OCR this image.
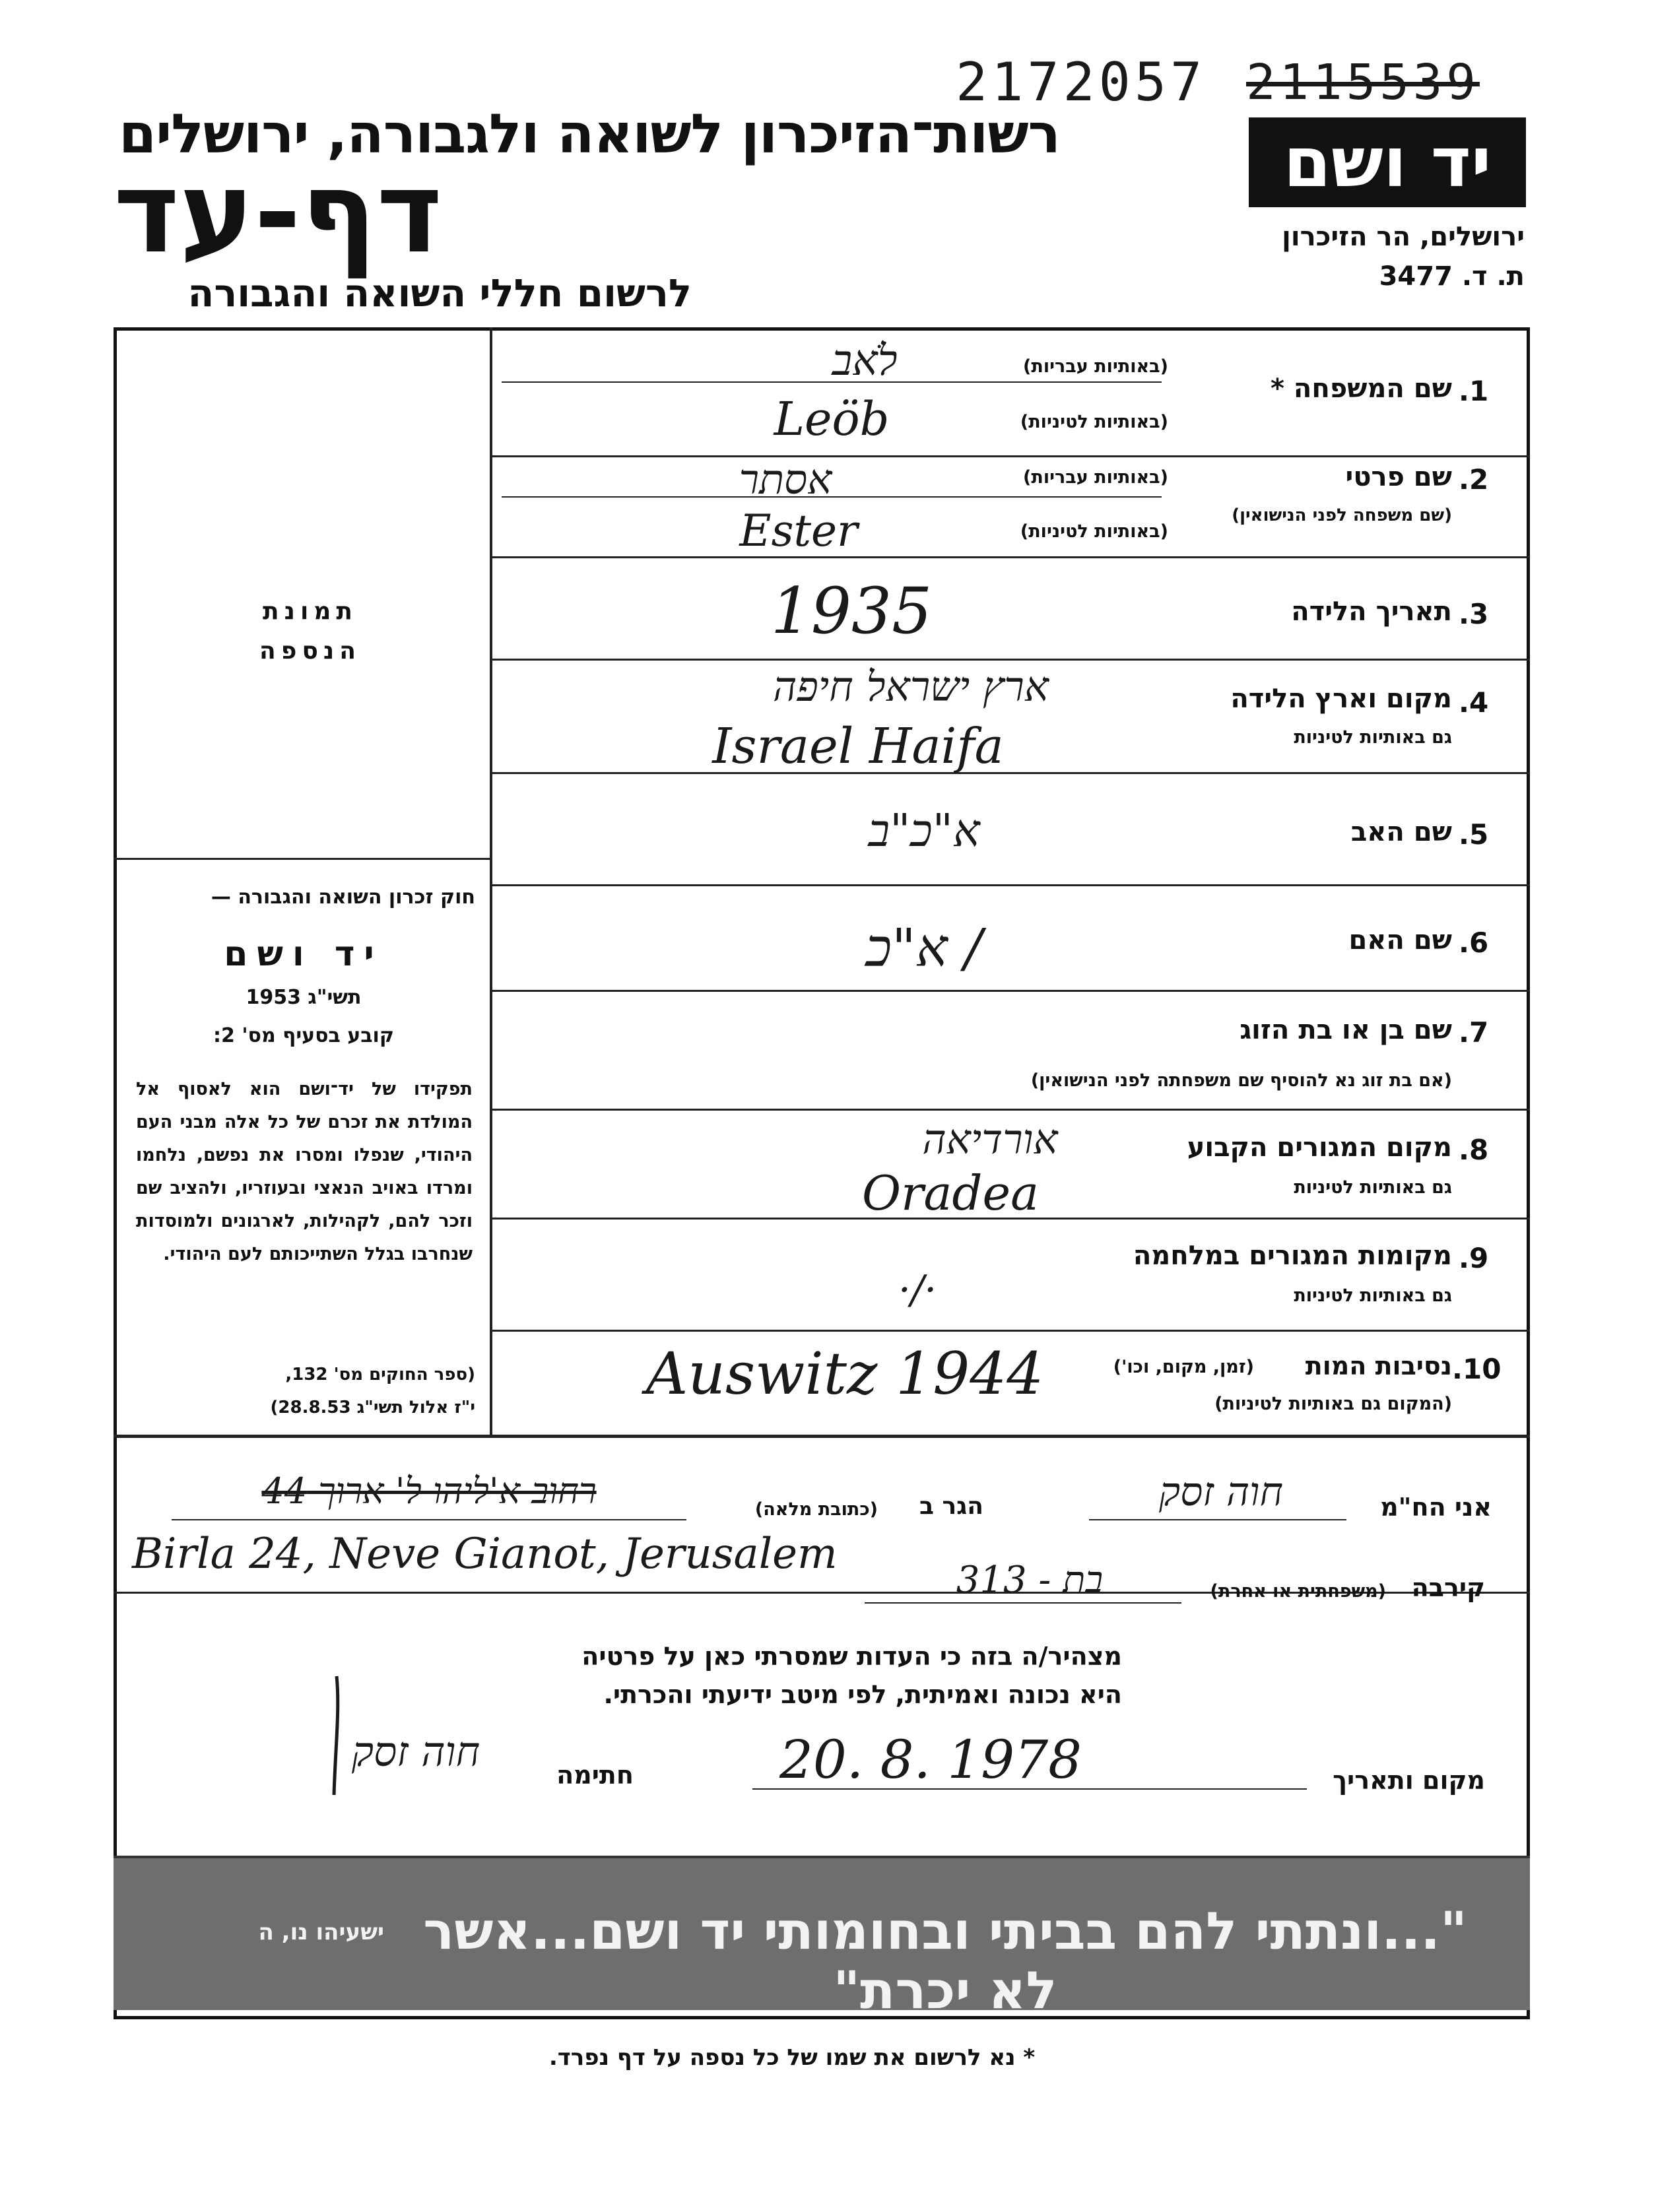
2172057 2115539
רשות־הזיכרון לשואה ולגבורה, ירושלים
דף-עד
לרשום חללי השואה והגבורה
יד ושם
ירושלים, הר הזיכרון
ת. ד. 3477
תמונת
הנספה
חוק זכרון השואה והגבורה —
יד ושם
תשי"ג 1953
קובע בסעיף מס' 2:
תפקידו של יד־ושם הוא לאסוף אל המולדת את זכרם של כל אלה מבני העם היהודי, שנפלו ומסרו את נפשם, נלחמו ומרדו באויב הנאצי ובעוזריו, ולהציב שם וזכר להם, לקהילות, לארגונים ולמוסדות שנחרבו בגלל השתייכותם לעם היהודי.
(ספר החוקים מס' 132,
י"ז אלול תשי"ג 28.8.53)
1.
שם המשפחה *
(באותיות עבריות)
(באותיות לטיניות)
לֹאב
Leöb
2.
שם פרטי
(שם משפחה לפני הנישואין)
(באותיות עבריות)
(באותיות לטיניות)
אסתר
Ester
3.
תאריך הלידה
1935
4.
מקום וארץ הלידה
גם באותיות לטיניות
ארץ ישראל חיפה
Israel Haifa
5.
שם האב
א"כ"ב
6.
שם האם
/ א"כ
7.
שם בן או בת הזוג
(אם בת זוג נא להוסיף שם משפחתה לפני הנישואין)
8.
מקום המגורים הקבוע
גם באותיות לטיניות
אורדיאה
Oradea
9.
מקומות המגורים במלחמה
גם באותיות לטיניות
·/·
10.
נסיבות המות
(זמן, מקום, וכו')
(המקום גם באותיות לטיניות)
Auswitz 1944
אני הח"מ
חוה זסק
הגר ב
(כתובת מלאה)
רחוב א'ליהו ל' ארוך 44
Birla 24, Neve Gianot, Jerusalem
קירבה
(משפחתית או אחרת)
בת - 313
מצהיר/ה בזה כי העדות שמסרתי כאן על פרטיה
היא נכונה ואמיתית, לפי מיטב ידיעתי והכרתי.
מקום ותאריך
20. 8. 1978
חתימה
חוה זסק
"...ונתתי להם בביתי ובחומותי יד ושם...אשר לא יכרת"
ישעיהו נו, ה
* נא לרשום את שמו של כל נספה על דף נפרד.
